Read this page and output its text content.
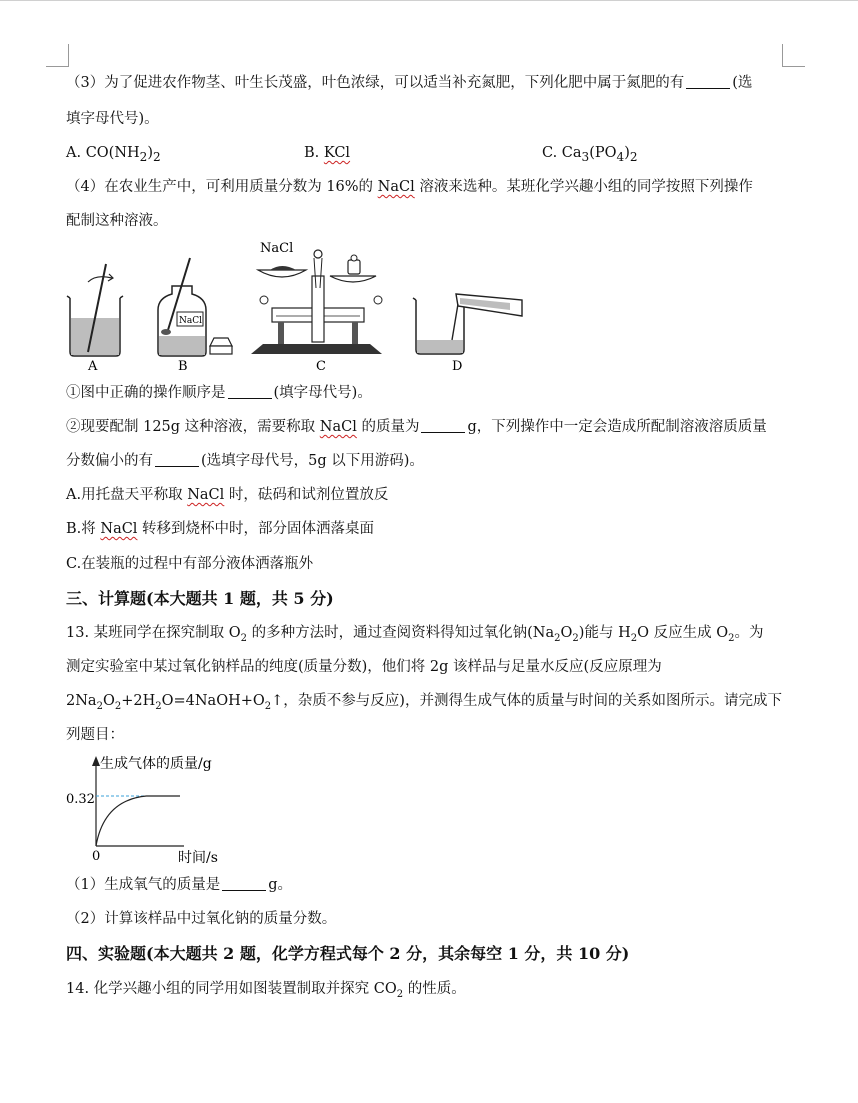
（3）为了促进农作物茎、叶生长茂盛，叶色浓绿，可以适当补充氮肥，下列化肥中属于氮肥的有	(选
填字母代号)。
A. $CO(NH_2)_2$	B. KCl	C. $Ca_3(PO_4)_2$
（4）在农业生产中，可利用质量分数为 16%的 NaCl 溶液来选种。某班化学兴趣小组的同学按照下列操作
配制这种溶液。
A
NaCl
B
NaCl
C	D
①图中正确的操作顺序是	(填字母代号)。
②现要配制 125g 这种溶液，需要称取 NaCl 的质量为	g，下列操作中一定会造成所配制溶液溶质质量
分数偏小的有	(选填字母代号，5g 以下用游码)。
A.用托盘天平称取 NaCl 时，砝码和试剂位置放反
B.将 NaCl 转移到烧杯中时，部分固体洒落桌面
C.在装瓶的过程中有部分液体洒落瓶外
三、计算题(本大题共 1 题，共 5 分)
13. 某班同学在探究制取 $O_2$ 的多种方法时，通过查阅资料得知过氧化钠$(Na_2O_2)$能与 $H_2O$ 反应生成 $O_2$。为
测定实验室中某过氧化钠样品的纯度(质量分数)，他们将 2g 该样品与足量水反应(反应原理为
$2Na_2O_2+2H_2O=4NaOH+O_2↑$，杂质不参与反应)，并测得生成气体的质量与时间的关系如图所示。请完成下
列题目：
生成气体的质量/g
时间/s
0
0.32
（1）生成氧气的质量是	g。
（2）计算该样品中过氧化钠的质量分数。
四、实验题(本大题共 2 题，化学方程式每个 2 分，其余每空 1 分，共 10 分)
14. 化学兴趣小组的同学用如图装置制取并探究 $CO_2$ 的性质。
